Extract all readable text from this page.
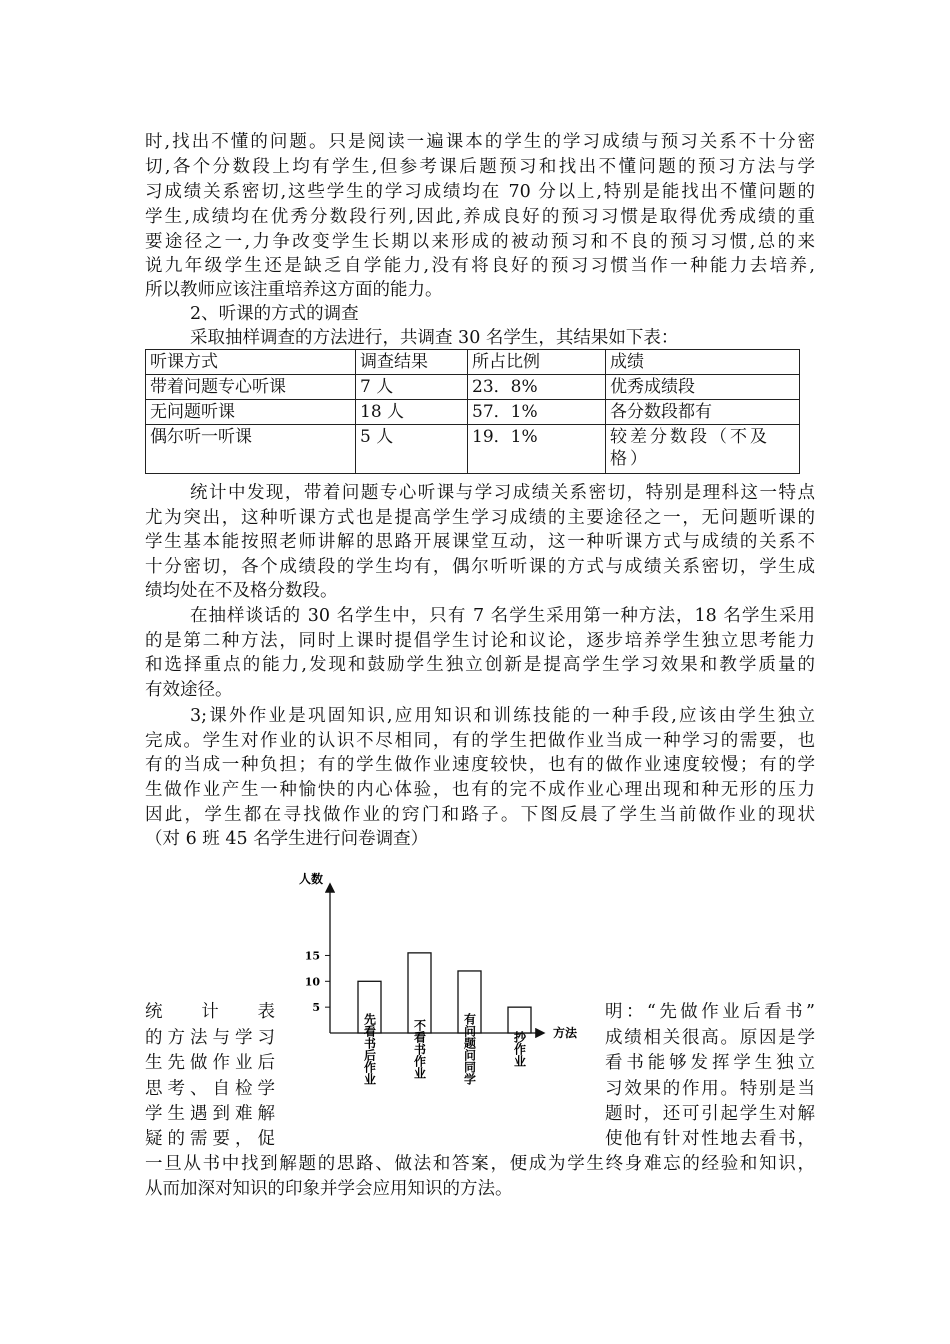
时,找出不懂的问题。只是阅读一遍课本的学生的学习成绩与预习关系不十分密
切,各个分数段上均有学生,但参考课后题预习和找出不懂问题的预习方法与学
习成绩关系密切,这些学生的学习成绩均在 70 分以上,特别是能找出不懂问题的
学生,成绩均在优秀分数段行列,因此,养成良好的预习习惯是取得优秀成绩的重
要途径之一,力争改变学生长期以来形成的被动预习和不良的预习习惯,总的来
说九年级学生还是缺乏自学能力,没有将良好的预习习惯当作一种能力去培养,
所以教师应该注重培养这方面的能力。
2、听课的方式的调查
采取抽样调查的方法进行，共调查 30 名学生，其结果如下表：
听课方式	调查结果	所占比例	成绩
带着问题专心听课	7 人	23．8%	优秀成绩段
无问题听课	18 人	57．1%	各分数段都有
偶尔听一听课	5 人	19．1%	较差分数段（不及格）
统计中发现，带着问题专心听课与学习成绩关系密切，特别是理科这一特点
尤为突出，这种听课方式也是提高学生学习成绩的主要途径之一，无问题听课的
学生基本能按照老师讲解的思路开展课堂互动，这一种听课方式与成绩的关系不
十分密切，各个成绩段的学生均有，偶尔听听课的方式与成绩关系密切，学生成
绩均处在不及格分数段。
在抽样谈话的 30 名学生中，只有 7 名学生采用第一种方法，18 名学生采用
的是第二种方法，同时上课时提倡学生讨论和议论，逐步培养学生独立思考能力
和选择重点的能力,发现和鼓励学生独立创新是提高学生学习效果和教学质量的
有效途径。
3;课外作业是巩固知识,应用知识和训练技能的一种手段,应该由学生独立
完成。学生对作业的认识不尽相同，有的学生把做作业当成一种学习的需要，也
有的当成一种负担；有的学生做作业速度较快，也有的做作业速度较慢；有的学
生做作业产生一种愉快的内心体验，也有的完不成作业心理出现和种无形的压力
因此，学生都在寻找做作业的窍门和路子。下图反晨了学生当前做作业的现状
（对 6 班 45 名学生进行问卷调查）
人数
方法
5
10
15
先看书后作业	不看书作业	有问题问同学	抄作业
统 计 表
的方法与学习
生先做作业后
思考、自检学
学生遇到难解
疑的需要，促
明：“先做作业后看书”
成绩相关很高。原因是学
看书能够发挥学生独立
习效果的作用。特别是当
题时，还可引起学生对解
使他有针对性地去看书，
一旦从书中找到解题的思路、做法和答案，便成为学生终身难忘的经验和知识，
从而加深对知识的印象并学会应用知识的方法。
